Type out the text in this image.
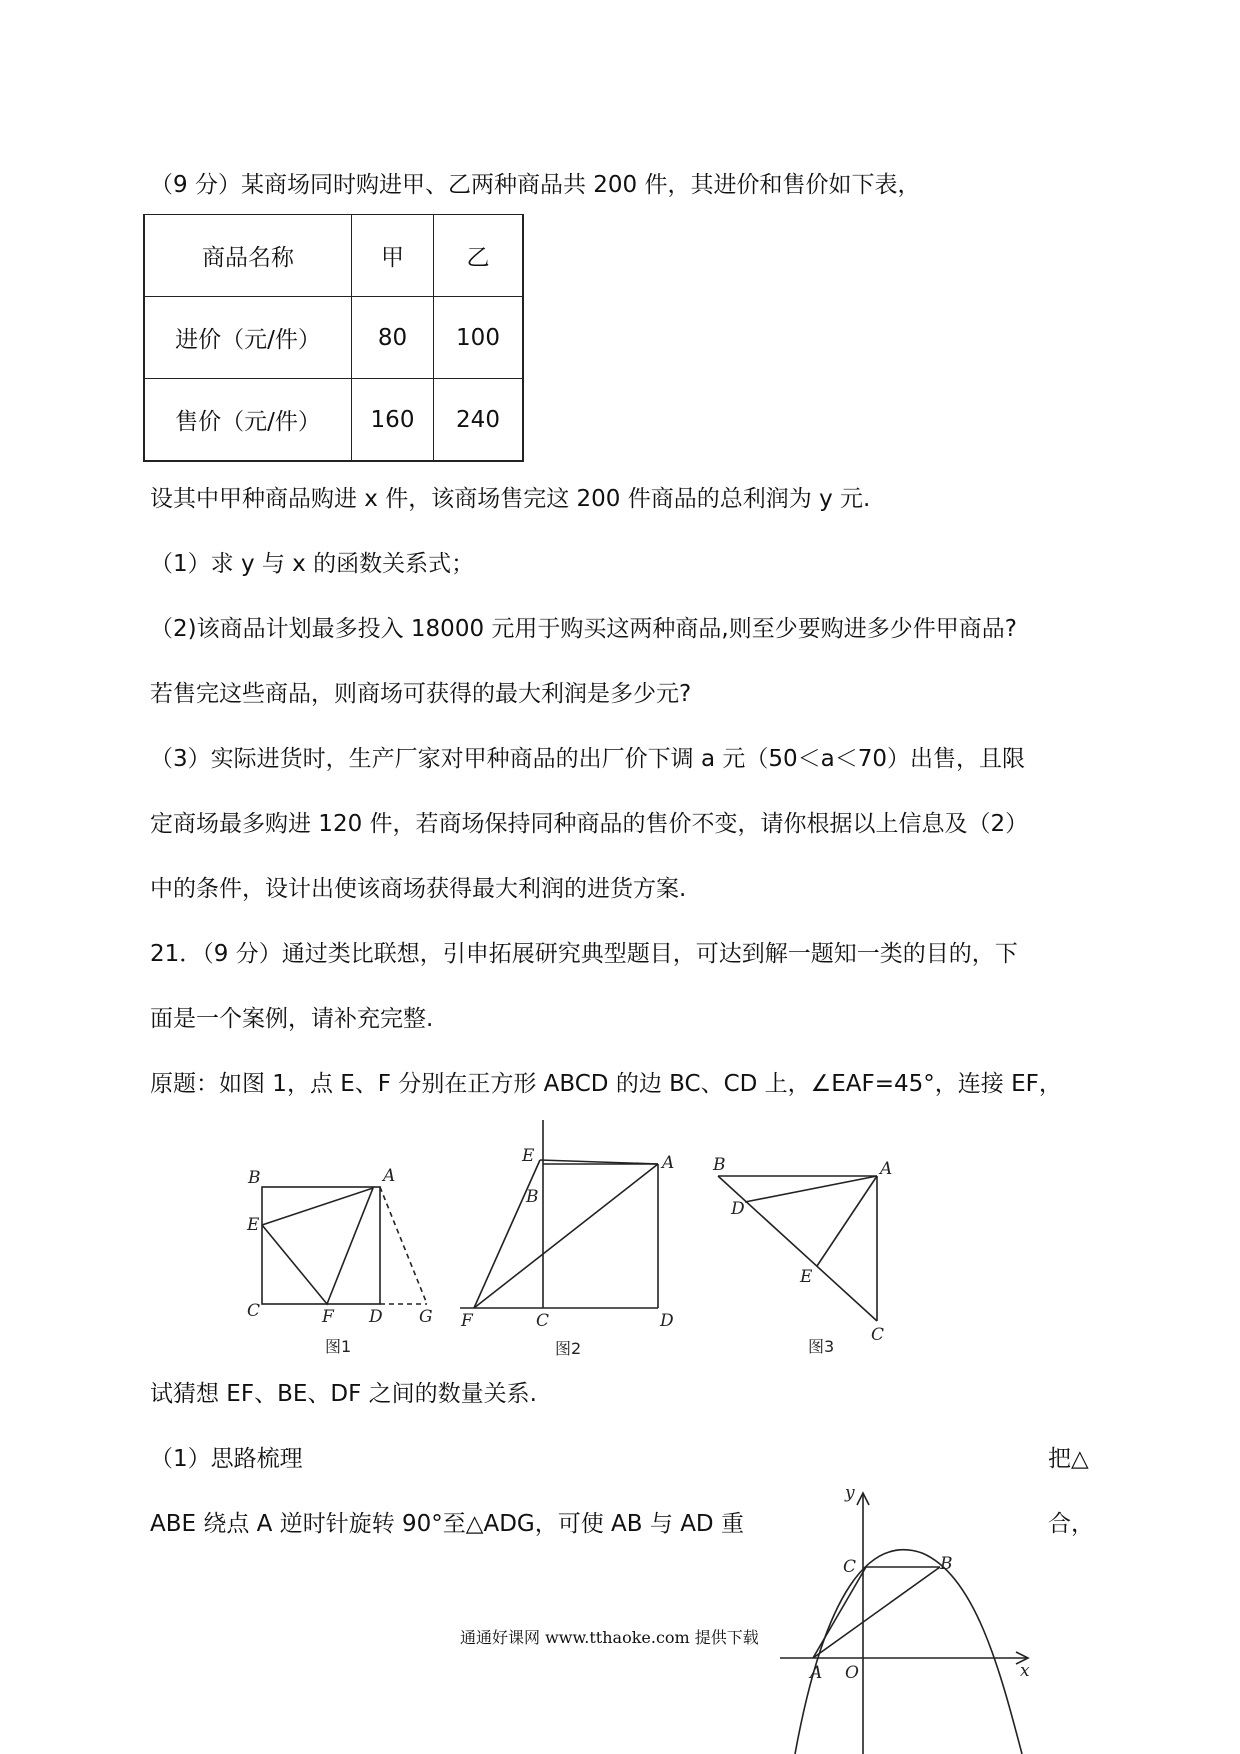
（9 分）某商场同时购进甲、乙两种商品共 200 件，其进价和售价如下表，
商品名称	甲	乙
进价（元/件）	80	100
售价（元/件）	160	240
设其中甲种商品购进 x 件，该商场售完这 200 件商品的总利润为 y 元.
（1）求 y 与 x 的函数关系式；
（2)该商品计划最多投入 18000 元用于购买这两种商品,则至少要购进多少件甲商品?
若售完这些商品，则商场可获得的最大利润是多少元?
（3）实际进货时，生产厂家对甲种商品的出厂价下调 a 元（50＜a＜70）出售，且限
定商场最多购进 120 件，若商场保持同种商品的售价不变，请你根据以上信息及（2）
中的条件，设计出使该商场获得最大利润的进货方案.
21．（9 分）通过类比联想，引申拓展研究典型题目，可达到解一题知一类的目的，下
面是一个案例，请补充完整.
原题：如图 1，点 E、F 分别在正方形 ABCD 的边 BC、CD 上，∠EAF=45°，连接 EF，
B	A
E
C	F D G
图1
E
B
A
F	C	D
图2
B	A
D
E
C
图3
试猜想 EF、BE、DF 之间的数量关系.
（1）思路梳理	把△
ABE 绕点 A 逆时针旋转 90°至△ADG，可使 AB 与 AD 重	合，
y
C	B
A O	x
通通好课网 www.tthaoke.com 提供下载
